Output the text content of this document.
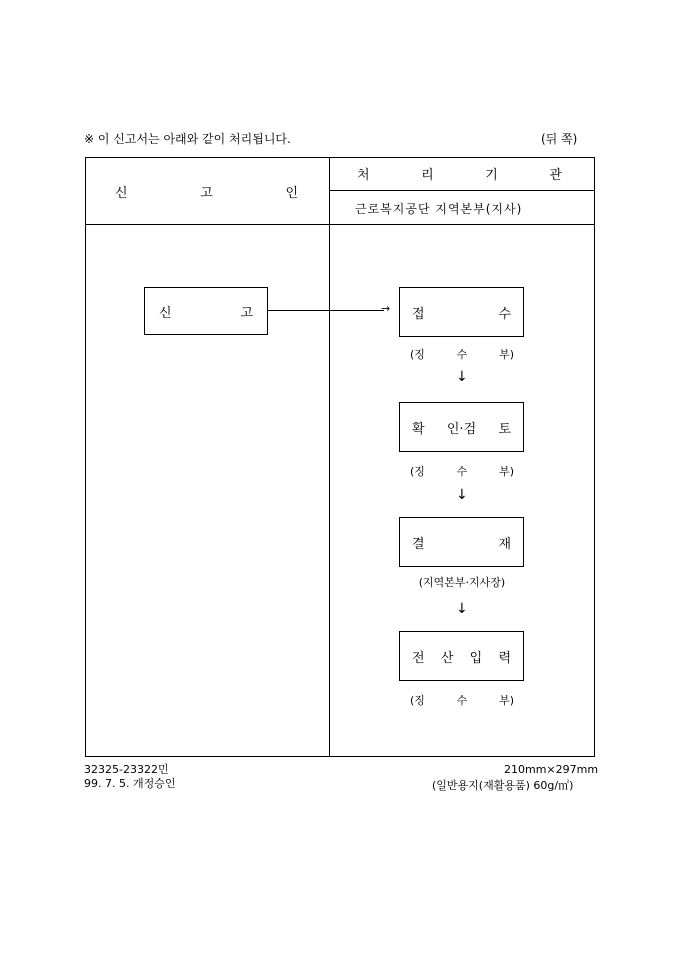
※ 이 신고서는 아래와 같이 처리됩니다.	(뒤 쪽)
신	고	인
처	리	기	관
근로복지공단 지역본부(지사)
신	고	→ 접	수
(징	수	부)
↓
확 인·검 토
(징	수	부)
↓
결	재
(지역본부·지사장)
↓
전 산 입 력
(징	수	부)
32325-23322민
99. 7. 5. 개정승인
210mm×297mm
(일반용지(재활용품) 60g/㎡)
